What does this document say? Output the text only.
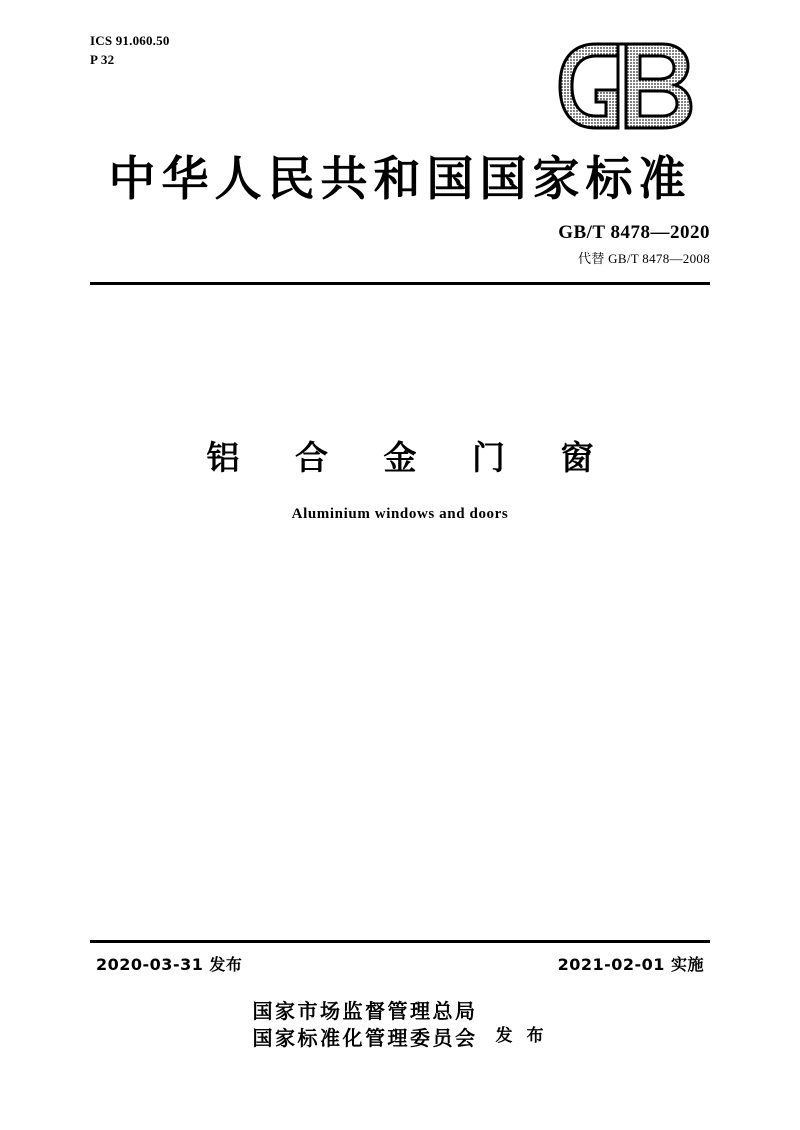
ICS 91.060.50
P 32
中华人民共和国国家标准
GB/T 8478—2020
代替 GB/T 8478—2008
铝 合 金 门 窗
Aluminium windows and doors
2020-03-31 发布	2021-02-01 实施
国家市场监督管理总局
国家标准化管理委员会 发 布
